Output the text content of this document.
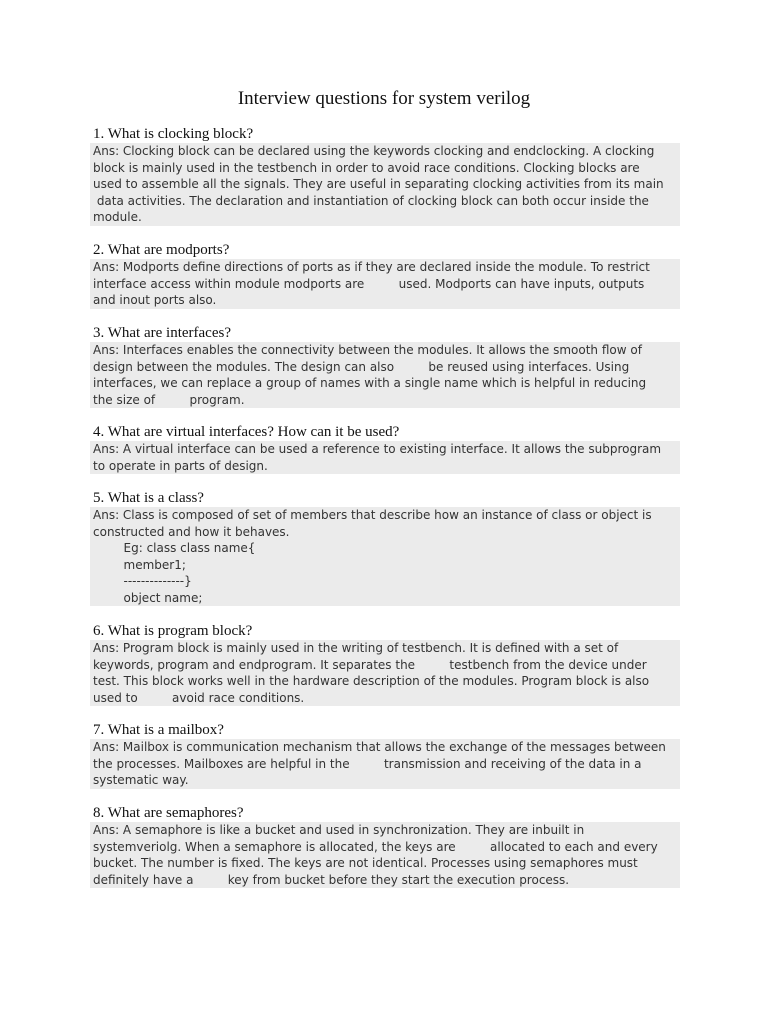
Interview questions for system verilog
1. What is clocking block?
Ans: Clocking block can be declared using the keywords clocking and endclocking. A clocking
block is mainly used in the testbench in order to avoid race conditions. Clocking blocks are
used to assemble all the signals. They are useful in separating clocking activities from its main
data activities. The declaration and instantiation of clocking block can both occur inside the
module.
2. What are modports?
Ans: Modports define directions of ports as if they are declared inside the module. To restrict
interface access within module modports are         used. Modports can have inputs, outputs
and inout ports also.
3. What are interfaces?
Ans: Interfaces enables the connectivity between the modules. It allows the smooth flow of
design between the modules. The design can also         be reused using interfaces. Using
interfaces, we can replace a group of names with a single name which is helpful in reducing
the size of         program.
4. What are virtual interfaces? How can it be used?
Ans: A virtual interface can be used a reference to existing interface. It allows the subprogram
to operate in parts of design.
5. What is a class?
Ans: Class is composed of set of members that describe how an instance of class or object is
constructed and how it behaves.
Eg: class class name{
member1;
--------------}
object name;
6. What is program block?
Ans: Program block is mainly used in the writing of testbench. It is defined with a set of
keywords, program and endprogram. It separates the         testbench from the device under
test. This block works well in the hardware description of the modules. Program block is also
used to         avoid race conditions.
7. What is a mailbox?
Ans: Mailbox is communication mechanism that allows the exchange of the messages between
the processes. Mailboxes are helpful in the         transmission and receiving of the data in a
systematic way.
8. What are semaphores?
Ans: A semaphore is like a bucket and used in synchronization. They are inbuilt in
systemveriolg. When a semaphore is allocated, the keys are         allocated to each and every
bucket. The number is fixed. The keys are not identical. Processes using semaphores must
definitely have a         key from bucket before they start the execution process.
